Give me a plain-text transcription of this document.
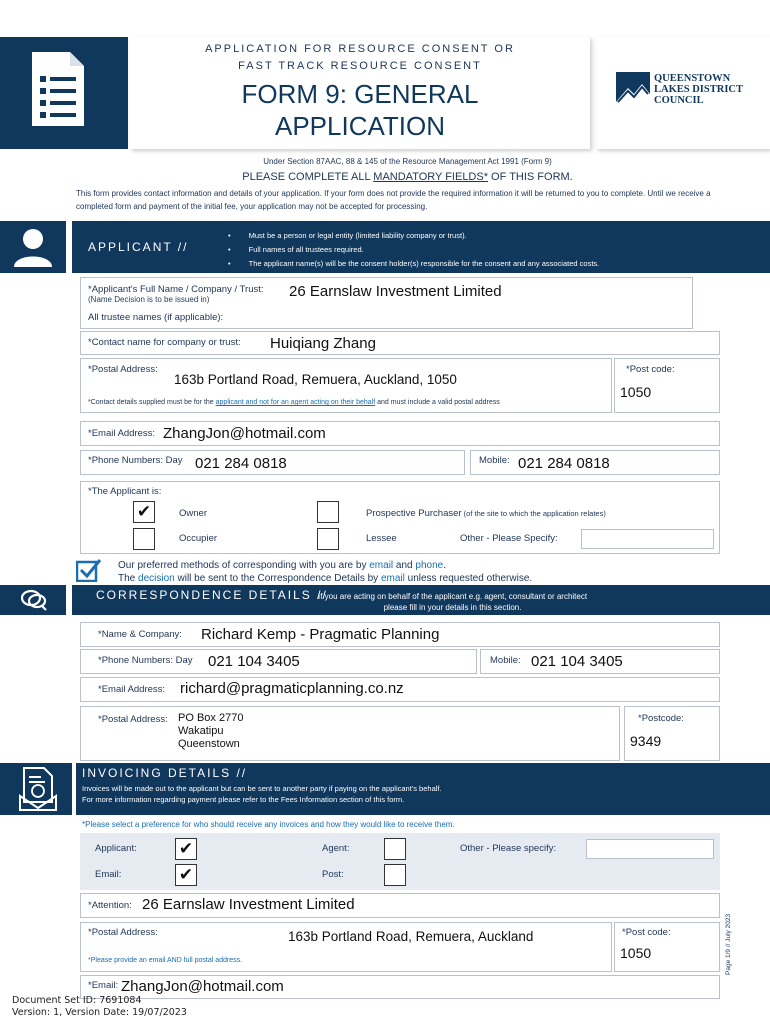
APPLICATION FOR RESOURCE CONSENT OR
FAST TRACK RESOURCE CONSENT
FORM 9: GENERAL
APPLICATION
QUEENSTOWN
LAKES DISTRICT
COUNCIL
Under Section 87AAC, 88 & 145 of the Resource Management Act 1991 (Form 9)
PLEASE COMPLETE ALL MANDATORY FIELDS* OF THIS FORM.
This form provides contact information and details of your application. If your form does not provide the required information it will be returned to you to complete. Until we receive a completed form and payment of the initial fee, your application may not be accepted for processing.
APPLICANT //
• Must be a person or legal entity (limited liability company or trust).
• Full names of all trustees required.
• The applicant name(s) will be the consent holder(s) responsible for the consent and any associated costs.
*Applicant's Full Name / Company / Trust:
(Name Decision is to be issued in)	26 Earnslaw Investment Limited
All trustee names (if applicable):
*Contact name for company or trust: Huiqiang Zhang
*Postal Address:
163b Portland Road, Remuera, Auckland, 1050
*Contact details supplied must be for the applicant and not for an agent acting on their behalf and must include a valid postal address
*Post code:
1050
*Email Address: ZhangJon@hotmail.com
*Phone Numbers: Day 021 284 0818	Mobile: 021 284 0818
*The Applicant is:
✔	Owner	Prospective Purchaser (of the site to which the application relates)
Occupier	Lessee	Other - Please Specify:
Our preferred methods of corresponding with you are by email and phone.
The decision will be sent to the Correspondence Details by email unless requested otherwise.
CORRESPONDENCE DETAILS //
If you are acting on behalf of the applicant e.g. agent, consultant or architect
please fill in your details in this section.
*Name & Company: Richard Kemp - Pragmatic Planning
*Phone Numbers: Day 021 104 3405	Mobile: 021 104 3405
*Email Address: richard@pragmaticplanning.co.nz
*Postal Address: PO Box 2770
Wakatipu
Queenstown
*Postcode:
9349
INVOICING DETAILS //
Invoices will be made out to the applicant but can be sent to another party if paying on the applicant's behalf.
For more information regarding payment please refer to the Fees Information section of this form.
*Please select a preference for who should receive any invoices and how they would like to receive them.
Applicant: ✔	Agent:	Other - Please specify:
Email:	✔	Post:
*Attention: 26 Earnslaw Investment Limited
*Postal Address:	163b Portland Road, Remuera, Auckland
*Please provide an email AND full postal address.
*Post code:
1050
*Email: ZhangJon@hotmail.com
Page 1/9 // July 2023
Document Set ID: 7691084
Version: 1, Version Date: 19/07/2023
